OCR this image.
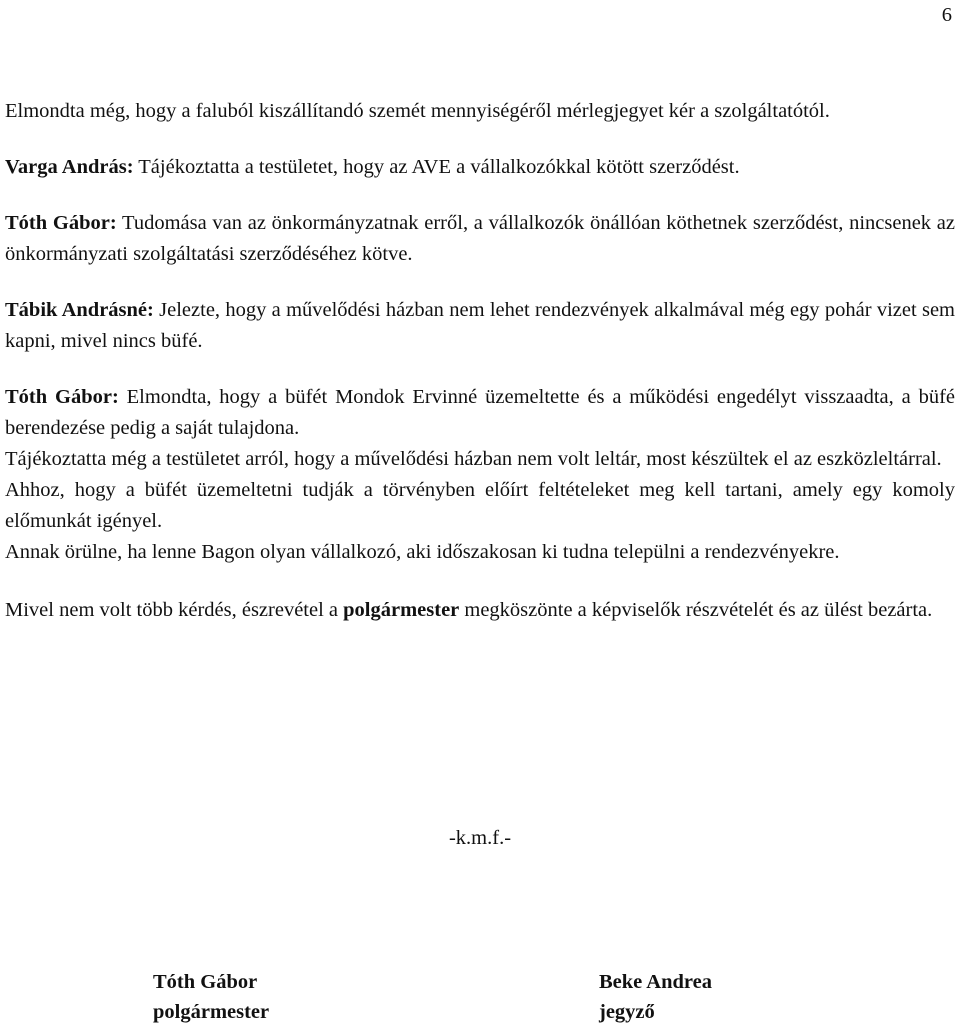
6

Elmondta még, hogy a faluból kiszállítandó szemét mennyiségéről mérlegjegyet kér a szolgáltatótól.

Varga András: Tájékoztatta a testületet, hogy az AVE a vállalkozókkal kötött szerződést.

Tóth Gábor: Tudomása van az önkormányzatnak erről, a vállalkozók önállóan köthetnek szerződést, nincsenek az önkormányzati szolgáltatási szerződéséhez kötve.

Tábik Andrásné: Jelezte, hogy a művelődési házban nem lehet rendezvények alkalmával még egy pohár vizet sem kapni, mivel nincs büfé.

Tóth Gábor: Elmondta, hogy a büfét Mondok Ervinné üzemeltette és a működési engedélyt visszaadta, a büfé berendezése pedig a saját tulajdona.

Tájékoztatta még a testületet arról, hogy a művelődési házban nem volt leltár, most készültek el az eszközleltárral.

Ahhoz, hogy a büfét üzemeltetni tudják a törvényben előírt feltételeket meg kell tartani, amely egy komoly előmunkát igényel.

Annak örülne, ha lenne Bagon olyan vállalkozó, aki időszakosan ki tudna települni a rendezvényekre.

Mivel nem volt több kérdés, észrevétel a polgármester megköszönte a képviselők részvételét és az ülést bezárta.

-k.m.f.-
Tóth Gábor
polgármester
Beke Andrea
jegyző
